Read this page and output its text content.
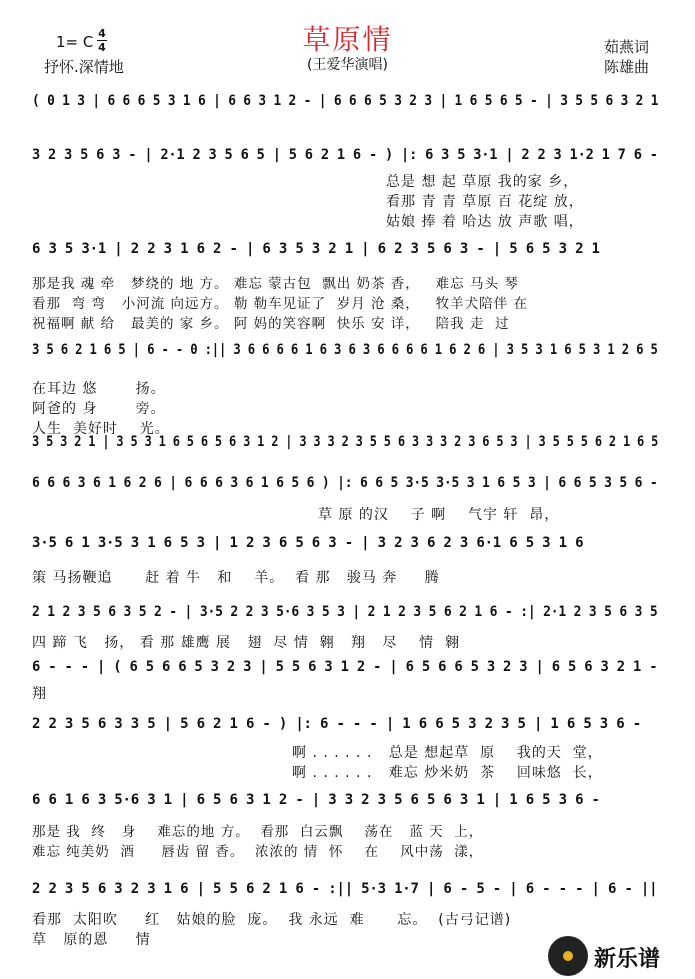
草原情
(王爱华演唱)
1= C 4
4
抒怀.深情地
茹燕词
陈雄曲
( 0 1 3 | 6 6 6 5 3 1 6 | 6 6 3 1 2 - | 6 6 6 5 3 2 3 | 1 6 5 6 5 - | 3 5 5 6 3 2 1
3 2 3 5 6 3 - | 2·1 2 3 5 6 5 | 5 6 2 1 6 - ) |: 6 3 5 3·1 | 2 2 3 1·2 1 7 6 -
总是 想 起 草原 我的家 乡，
看那 青 青 草原 百 花绽 放，
姑娘 捧 着 哈达 放 声歌 唱，
6 3 5 3·1 | 2 2 3 1 6 2 - | 6 3 5 3 2 1 | 6 2 3 5 6 3 - | 5 6 5 3 2 1
那是我 魂 牵   梦绕的 地 方。 难忘 蒙古包  飘出 奶茶 香，   难忘 马头 琴
看那  弯 弯   小河流 向远方。 勒 勒车见证了  岁月 沧 桑，   牧羊犬陪伴 在
祝福啊 献 给   最美的 家 乡。 阿 妈的笑容啊  快乐 安 详，   陪我 走  过
3 5 6 2 1 6 5 | 6 - - 0 :|| 3 6 6 6 6 1 6 3 6 3 6 6 6 6 1 6 2 6 | 3 5 3 1 6 5 3 1 2 6 5
在耳边 悠       扬。
阿爸的 身       旁。
人生  美好时    光。
3 5 3 2 1 | 3 5 3 1 6 5 6 5 6 3 1 2 | 3 3 3 2 3 5 5 6 3 3 3 2 3 6 5 3 | 3 5 5 5 6 2 1 6 5
6 6 6 3 6 1 6 2 6 | 6 6 6 3 6 1 6 5 6 ) |: 6 6 5 3·5 3·5 3 1 6 5 3 | 6 6 5 3 5 6 -
草 原 的汉    子 啊    气宇 轩  昂，
3·5 6 1 3·5 3 1 6 5 3 | 1 2 3 6 5 6 3 - | 3 2 3 6 2 3 6·1 6 5 3 1 6
策 马扬鞭追      赶 着 牛   和    羊。  看 那   骏马 奔     腾
2 1 2 3 5 6 3 5 2 - | 3·5 2 2 3 5·6 3 5 3 | 2 1 2 3 5 6 2 1 6 - :| 2·1 2 3 5 6 3 5
四 蹄 飞   扬， 看 那 雄鹰 展   翅  尽 情  翱   翔   尽    情  翱
6 - - - | ( 6 5 6 6 5 3 2 3 | 5 5 6 3 1 2 - | 6 5 6 6 5 3 2 3 | 6 5 6 3 2 1 -
翔
2 2 3 5 6 3 3 5 | 5 6 2 1 6 - ) |: 6 - - - | 1 6 6 5 3 2 3 5 | 1 6 5 3 6 -
啊 . . . . . .   总是 想起草  原    我的天  堂，
啊 . . . . . .   难忘 炒米奶  茶    回味悠  长，
6 6 1 6 3 5·6 3 1 | 6 5 6 3 1 2 - | 3 3 2 3 5 6 5 6 3 1 | 1 6 5 3 6 -
那是 我  终   身    难忘的地 方。  看那  白云飘    荡在   蓝 天  上，
难忘 纯美奶  酒     唇齿 留 香。  浓浓的 情  怀    在    风中荡  漾，
2 2 3 5 6 3 2 3 1 6 | 5 5 6 2 1 6 - :|| 5·3 1·7 | 6 - 5 - | 6 - - - | 6 - ||
看那  太阳吹     红   姑娘的脸  庞。  我 永远  难      忘。  (古弓记谱)
草   原的恩     情
新乐谱
